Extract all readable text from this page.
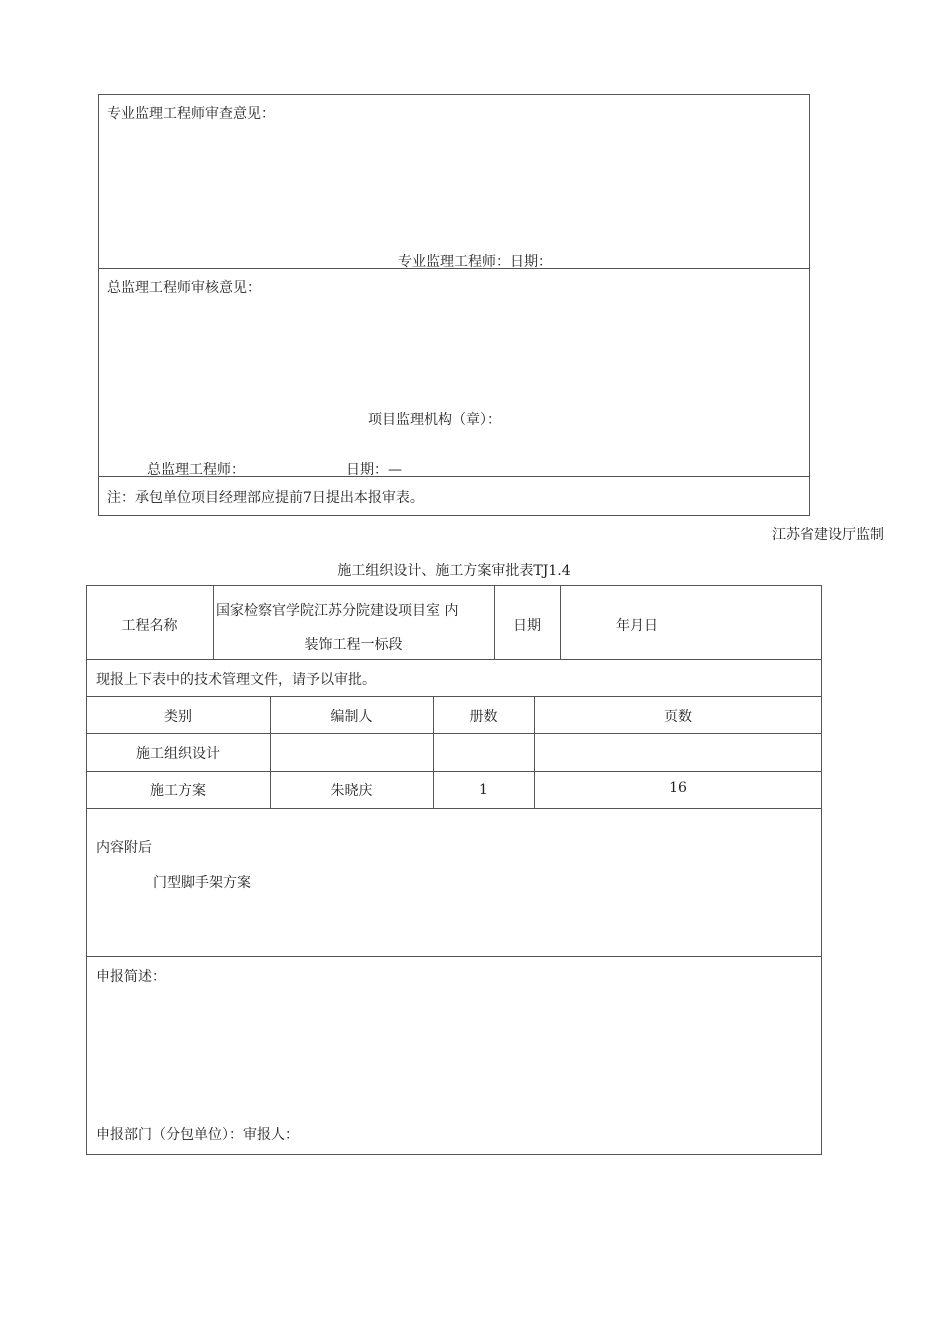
专业监理工程师审查意见：
专业监理工程师：日期：
总监理工程师审核意见：
项目监理机构（章）：
总监理工程师：	日期：—
注：承包单位项目经理部应提前7日提出本报审表。
江苏省建设厅监制
施工组织设计、施工方案审批表TJ1.4
工程名称
国家检察官学院江苏分院建设项目室 内
装饰工程一标段
日期	年月日
现报上下表中的技术管理文件，请予以审批。
类别	编制人	册数	页数
施工组织设计
施工方案	朱晓庆	1	16
内容附后
门型脚手架方案
申报简述：
申报部门（分包单位）：审报人：
